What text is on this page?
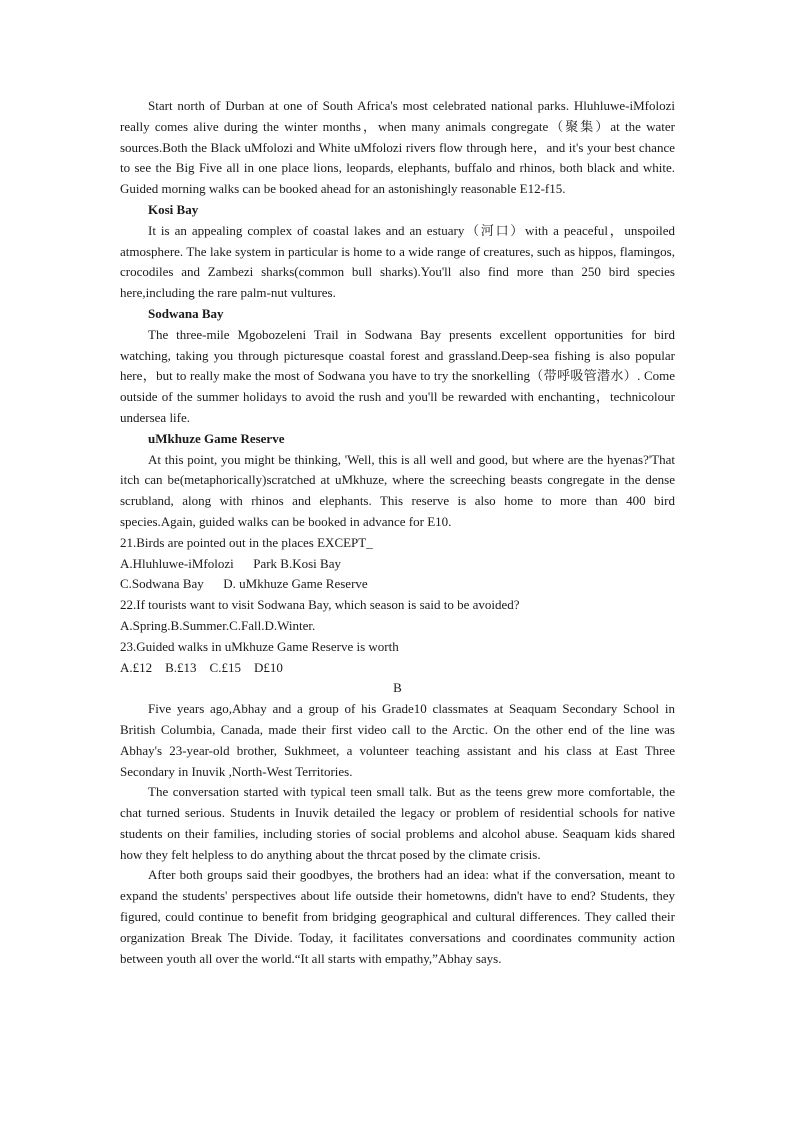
Start north of Durban at one of South Africa's most celebrated national parks. Hluhluwe-iMfolozi really comes alive during the winter months，when many animals congregate（聚集）at the water sources.Both the Black uMfolozi and White uMfolozi rivers flow through here，and it's your best chance to see the Big Five all in one place lions, leopards, elephants, buffalo and rhinos, both black and white. Guided morning walks can be booked ahead for an astonishingly reasonable E12-f15.

Kosi Bay

It is an appealing complex of coastal lakes and an estuary（河口）with a peaceful，unspoiled atmosphere. The lake system in particular is home to a wide range of creatures, such as hippos, flamingos, crocodiles and Zambezi sharks(common bull sharks).You'll also find more than 250 bird species here,including the rare palm-nut vultures.

Sodwana Bay

The three-mile Mgobozeleni Trail in Sodwana Bay presents excellent opportunities for bird watching, taking you through picturesque coastal forest and grassland.Deep-sea fishing is also popular here，but to really make the most of Sodwana you have to try the snorkelling（带呼吸管潜水）. Come outside of the summer holidays to avoid the rush and you'll be rewarded with enchanting，technicolour undersea life.

uMkhuze Game Reserve

At this point, you might be thinking, 'Well, this is all well and good, but where are the hyenas?'That itch can be(metaphorically)scratched at uMkhuze, where the screeching beasts congregate in the dense scrubland, along with rhinos and elephants. This reserve is also home to more than 400 bird species.Again, guided walks can be booked in advance for E10.

21.Birds are pointed out in the places EXCEPT_

A.Hluhluwe-iMfolozi      Park B.Kosi Bay

C.Sodwana Bay      D. uMkhuze Game Reserve

22.If tourists want to visit Sodwana Bay, which season is said to be avoided?

A.Spring.B.Summer.C.Fall.D.Winter.

23.Guided walks in uMkhuze Game Reserve is worth

A.£12    B.£13    C.£15    D£10

B

Five years ago,Abhay and a group of his Grade10 classmates at Seaquam Secondary School in British Columbia, Canada, made their first video call to the Arctic. On the other end of the line was Abhay's 23-year-old brother, Sukhmeet, a volunteer teaching assistant and his class at East Three Secondary in Inuvik ,North-West Territories.

The conversation started with typical teen small talk. But as the teens grew more comfortable, the chat turned serious. Students in Inuvik detailed the legacy or problem of residential schools for native students on their families, including stories of social problems and alcohol abuse. Seaquam kids shared how they felt helpless to do anything about the thrcat posed by the climate crisis.

After both groups said their goodbyes, the brothers had an idea: what if the conversation, meant to expand the students' perspectives about life outside their hometowns, didn't have to end? Students, they figured, could continue to benefit from bridging geographical and cultural differences. They called their organization Break The Divide. Today, it facilitates conversations and coordinates community action between youth all over the world.“It all starts with empathy,”Abhay says.
